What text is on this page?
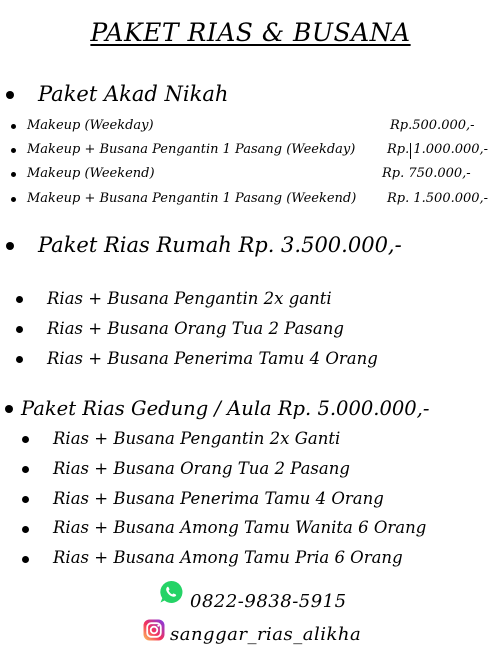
PAKET RIAS & BUSANA
Paket Akad Nikah
Makeup (Weekday)	Rp.500.000,-
Makeup + Busana Pengantin 1 Pasang (Weekday) Rp. 1.000.000,-
Makeup (Weekend)	Rp. 750.000,-
Makeup + Busana Pengantin 1 Pasang (Weekend) Rp. 1.500.000,-
Paket Rias Rumah Rp. 3.500.000,-
Rias + Busana Pengantin 2x ganti
Rias + Busana Orang Tua 2 Pasang
Rias + Busana Penerima Tamu 4 Orang
Paket Rias Gedung / Aula Rp. 5.000.000,-
Rias + Busana Pengantin 2x Ganti
Rias + Busana Orang Tua 2 Pasang
Rias + Busana Penerima Tamu 4 Orang
Rias + Busana Among Tamu Wanita 6 Orang
Rias + Busana Among Tamu Pria 6 Orang
0822-9838-5915
sanggar_rias_alikha
